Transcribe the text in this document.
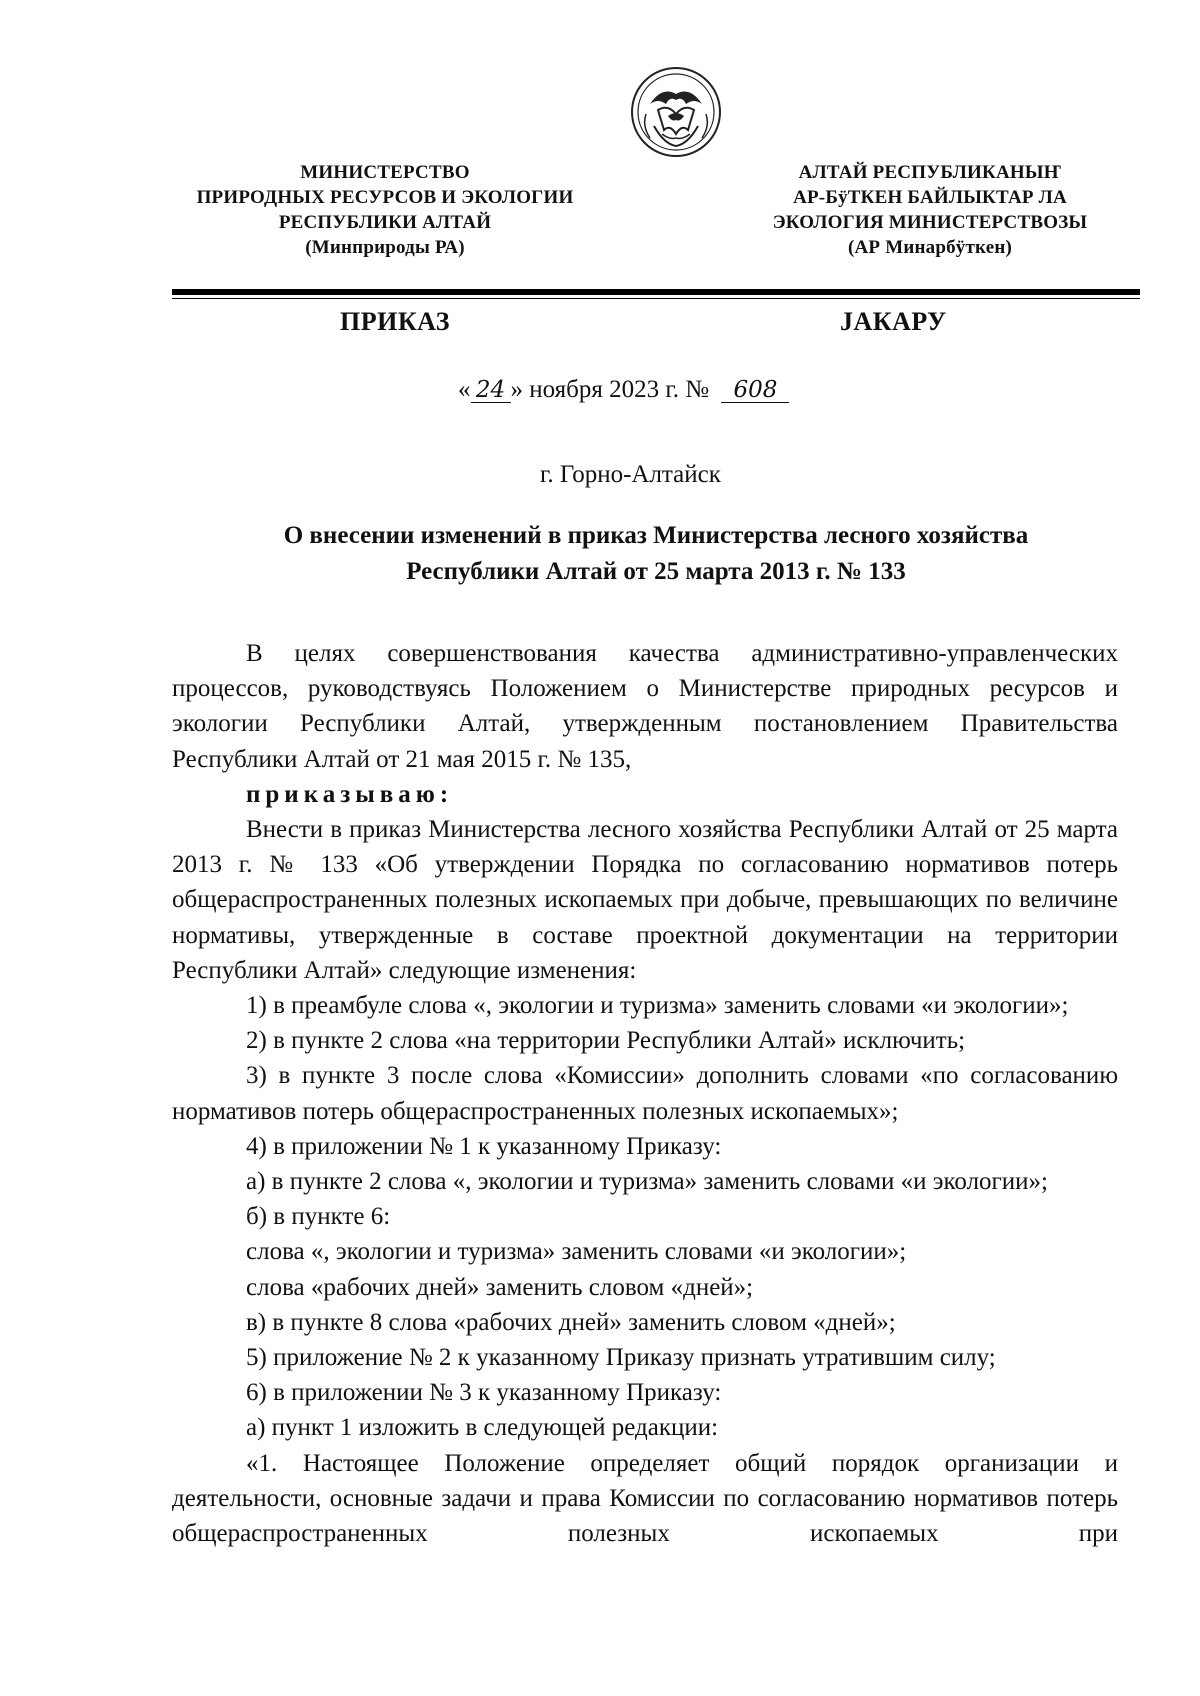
МИНИСТЕРСТВО
ПРИРОДНЫХ РЕСУРСОВ И ЭКОЛОГИИ
РЕСПУБЛИКИ АЛТАЙ
(Минприроды РА)
АЛТАЙ РЕСПУБЛИКАНЫҤ
АР-БÿТКЕН БАЙЛЫКТАР ЛА
ЭКОЛОГИЯ МИНИСТЕРСТВОЗЫ
(АР Минарбÿткен)
ПРИКАЗ	ЈАКАРУ
« 24 » ноября 2023 г. № 608
г. Горно-Алтайск
О внесении изменений в приказ Министерства лесного хозяйства
Республики Алтай от 25 марта 2013 г. № 133

В целях совершенствования качества административно-управленческих процессов, руководствуясь Положением о Министерстве природных ресурсов и экологии Республики Алтай, утвержденным постановлением Правительства Республики Алтай от 21 мая 2015 г. № 135,

приказываю:

Внести в приказ Министерства лесного хозяйства Республики Алтай от 25 марта 2013 г. № 133 «Об утверждении Порядка по согласованию нормативов потерь общераспространенных полезных ископаемых при добыче, превышающих по величине нормативы, утвержденные в составе проектной документации на территории Республики Алтай» следующие изменения:

1) в преамбуле слова «, экологии и туризма» заменить словами «и экологии»;

2) в пункте 2 слова «на территории Республики Алтай» исключить;

3) в пункте 3 после слова «Комиссии» дополнить словами «по согласованию нормативов потерь общераспространенных полезных ископаемых»;

4) в приложении № 1 к указанному Приказу:

а) в пункте 2 слова «, экологии и туризма» заменить словами «и экологии»;

б) в пункте 6:

слова «, экологии и туризма» заменить словами «и экологии»;

слова «рабочих дней» заменить словом «дней»;

в) в пункте 8 слова «рабочих дней» заменить словом «дней»;

5) приложение № 2 к указанному Приказу признать утратившим силу;

6) в приложении № 3 к указанному Приказу:

а) пункт 1 изложить в следующей редакции:

«1. Настоящее Положение определяет общий порядок организации и деятельности, основные задачи и права Комиссии по согласованию нормативов потерь общераспространенных полезных ископаемых при
